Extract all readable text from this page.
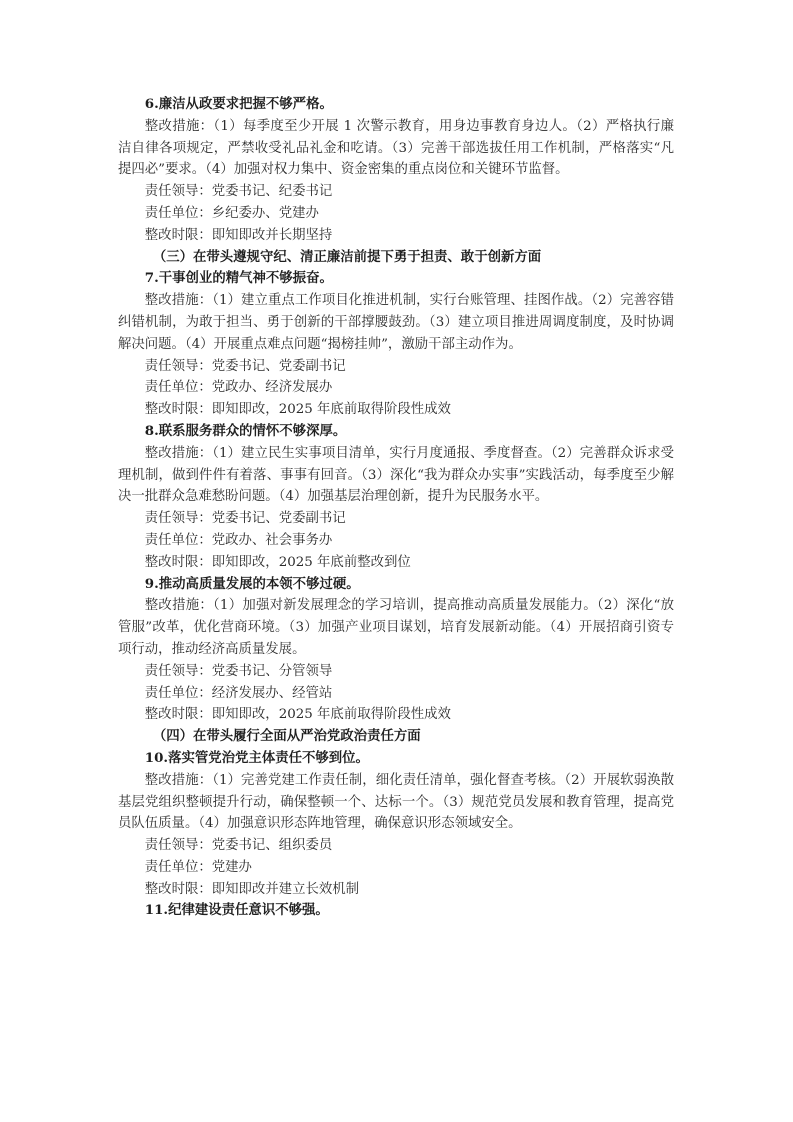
6.廉洁从政要求把握不够严格。

整改措施：（1）每季度至少开展 1 次警示教育，用身边事教育身边人。（2）严格执行廉洁自律各项规定，严禁收受礼品礼金和吃请。（3）完善干部选拔任用工作机制，严格落实“凡提四必”要求。（4）加强对权力集中、资金密集的重点岗位和关键环节监督。

责任领导：党委书记、纪委书记

责任单位：乡纪委办、党建办

整改时限：即知即改并长期坚持

（三）在带头遵规守纪、清正廉洁前提下勇于担责、敢于创新方面

7.干事创业的精气神不够振奋。

整改措施：（1）建立重点工作项目化推进机制，实行台账管理、挂图作战。（2）完善容错纠错机制，为敢于担当、勇于创新的干部撑腰鼓劲。（3）建立项目推进周调度制度，及时协调解决问题。（4）开展重点难点问题“揭榜挂帅”，激励干部主动作为。

责任领导：党委书记、党委副书记

责任单位：党政办、经济发展办

整改时限：即知即改，2025 年底前取得阶段性成效

8.联系服务群众的情怀不够深厚。

整改措施：（1）建立民生实事项目清单，实行月度通报、季度督查。（2）完善群众诉求受理机制，做到件件有着落、事事有回音。（3）深化“我为群众办实事”实践活动，每季度至少解决一批群众急难愁盼问题。（4）加强基层治理创新，提升为民服务水平。

责任领导：党委书记、党委副书记

责任单位：党政办、社会事务办

整改时限：即知即改，2025 年底前整改到位

9.推动高质量发展的本领不够过硬。

整改措施：（1）加强对新发展理念的学习培训，提高推动高质量发展能力。（2）深化“放管服”改革，优化营商环境。（3）加强产业项目谋划，培育发展新动能。（4）开展招商引资专项行动，推动经济高质量发展。

责任领导：党委书记、分管领导

责任单位：经济发展办、经管站

整改时限：即知即改，2025 年底前取得阶段性成效

（四）在带头履行全面从严治党政治责任方面

10.落实管党治党主体责任不够到位。

整改措施：（1）完善党建工作责任制，细化责任清单，强化督查考核。（2）开展软弱涣散基层党组织整顿提升行动，确保整顿一个、达标一个。（3）规范党员发展和教育管理，提高党员队伍质量。（4）加强意识形态阵地管理，确保意识形态领域安全。

责任领导：党委书记、组织委员

责任单位：党建办

整改时限：即知即改并建立长效机制

11.纪律建设责任意识不够强。
